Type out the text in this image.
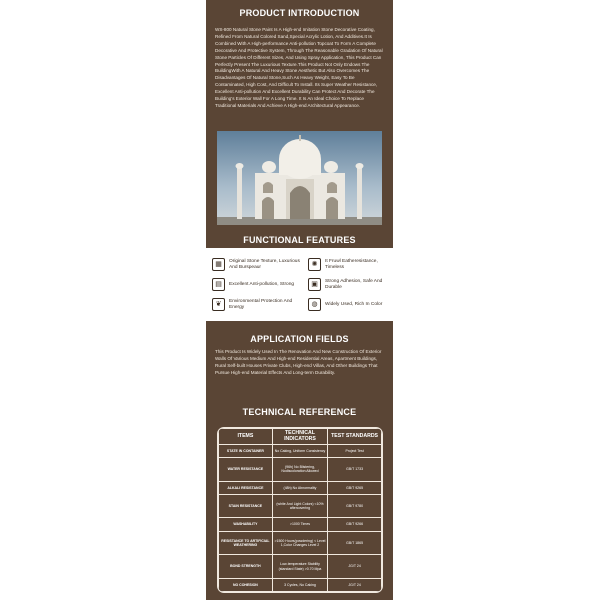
PRODUCT INTRODUCTION
WS-800 Natural Stone Paint Is A High-end Imitation Stone Decorative Coating, Refined From Natural Colored Sand,Special Acrylic Lotion, And Additives.It Is Combined With A High-performance Anti-pollution Topcoat To Form A Complete Decorative And Protective System, Through The Reasonable Gradation Of Natural Stone Particles Of Different Sizes, And Using Spray Application, This Product Can Perfectly Present The Luxurious Texture.This Product Not Only Endows The BuildingWith A Natural And Heavy Stone Aesthetic But Also Overcomes The Disadvantages Of Natural Stone,Such As Heavy Weight, Easy To Be Contaminated, High Cost, And Difficult To Install. Its Super Weather Resistance, Excellent Anti-pollution And Excellent Durability Can Protect And Decorate The Building's Exterior Wall For A Long Time. It Is An Ideal Choice To Replace Traditional Materials And Achieve A High-end Architectural Appearance.
FUNCTIONAL FEATURES
▦	Original Stone Texture, Luxurious And Burspeaur	✺	It Fruwl Eatheresistance, Timeless
▤	Excellent Anti-pollution, Strong	▣	Strong Adhesion, Safe And Durable
❦	Environmental Protection And Energy	◍	Widely Used, Rich In Color
APPLICATION FIELDS
This Product Is Widely Used In The Renovation And New Construction Of Exterior Walls Of Various Medium And High-end Residential Areas, Apartment Buildings, Rural Self-built Houses Private Clubs, High-end Villas, And Other Buildings That Pursue High-end Material Effects And Long-term Durability.
TECHNICAL REFERENCE
ITEMS	TECHNICAL INDICATORS	TEST STANDARDS
STATE IN CONTAINER	No Caking, Uniform Consistency	Project Test
WATER RESISTANCE	(96h) No Blistering, Nodiscoloration Allowed	GB/T 1733
ALKALI RESISTANCE	(48h) No Abnormality	GB/T 9265
STAIN RESISTANCE	(white And Light Colors) <10% aftercovering	GB/T 9780
WASHABILITY	>1000 Times	GB/T 9266
RESISTANCE TO ARTIFICIAL WEATHERING	>1500 Hours(powdering) < Level 1,Color Changes Level 2	GB/T 1865
BOND STRENGTH	Low-temperature Stability (standard State) >0.70 Mpa	JG/T 24
NO COHESION	3 Cycles, No Caking	JG/T 24
